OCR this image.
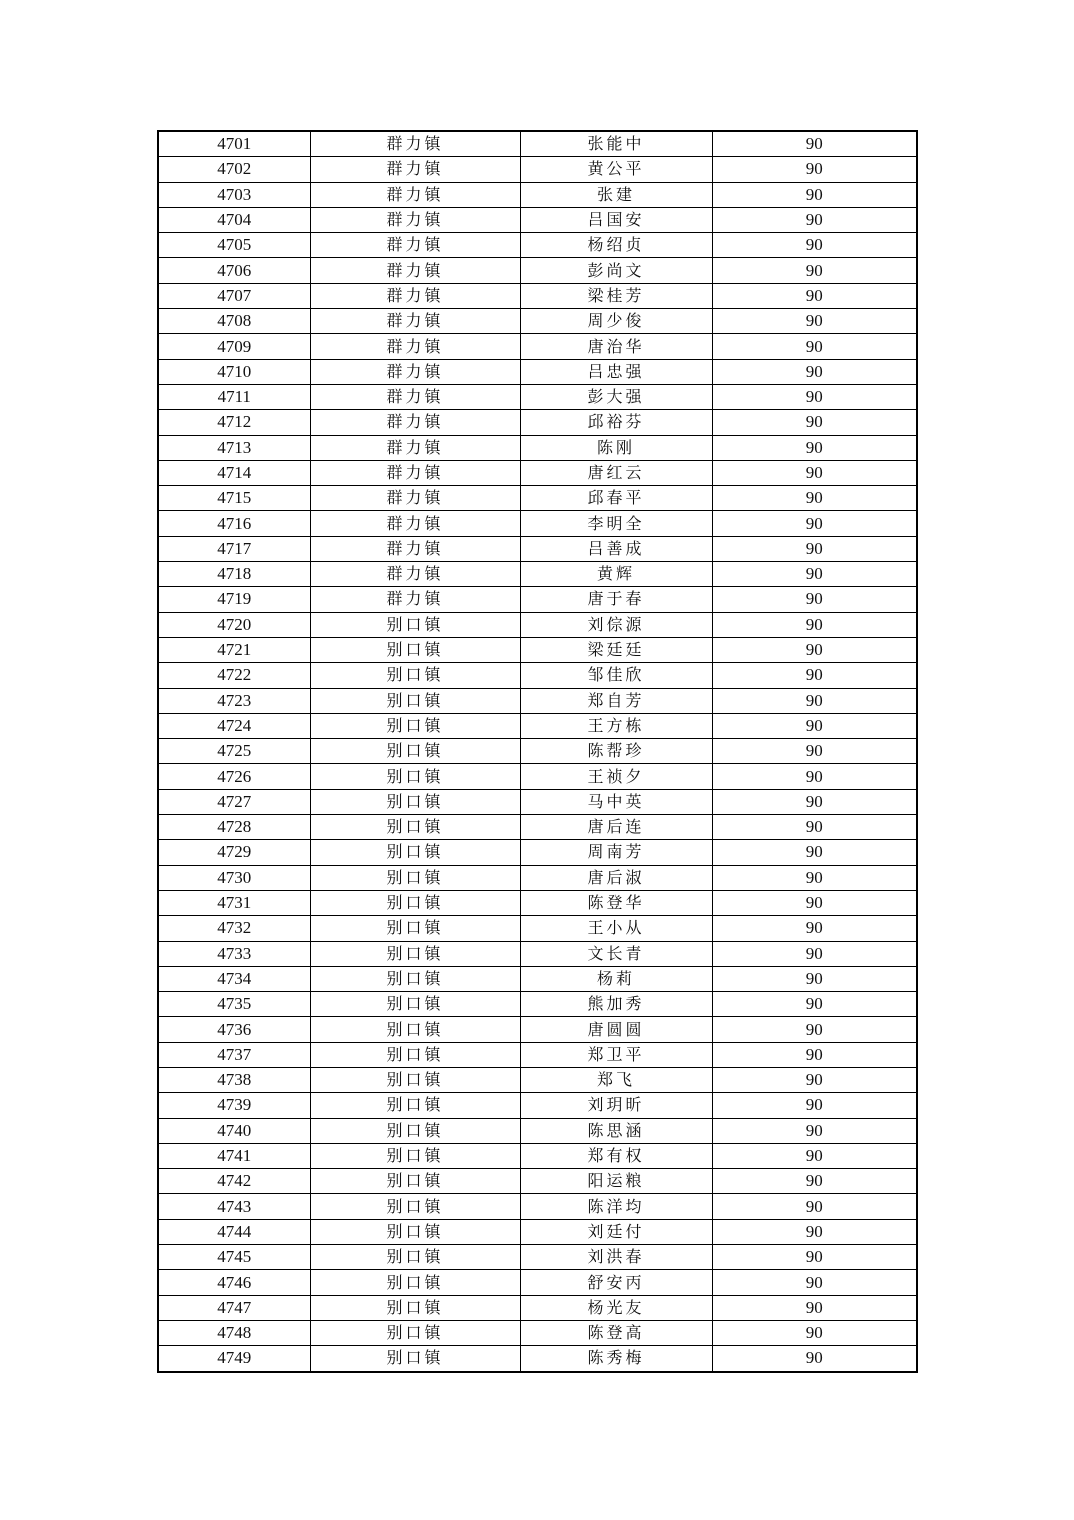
4701	群力镇	张能中	90
4702	群力镇	黄公平	90
4703	群力镇	张建	90
4704	群力镇	吕国安	90
4705	群力镇	杨绍贞	90
4706	群力镇	彭尚文	90
4707	群力镇	梁桂芳	90
4708	群力镇	周少俊	90
4709	群力镇	唐治华	90
4710	群力镇	吕忠强	90
4711	群力镇	彭大强	90
4712	群力镇	邱裕芬	90
4713	群力镇	陈刚	90
4714	群力镇	唐红云	90
4715	群力镇	邱春平	90
4716	群力镇	李明全	90
4717	群力镇	吕善成	90
4718	群力镇	黄辉	90
4719	群力镇	唐于春	90
4720	别口镇	刘倧源	90
4721	别口镇	梁廷廷	90
4722	别口镇	邹佳欣	90
4723	别口镇	郑自芳	90
4724	别口镇	王方栋	90
4725	别口镇	陈帮珍	90
4726	别口镇	王祯夕	90
4727	别口镇	马中英	90
4728	别口镇	唐后连	90
4729	别口镇	周南芳	90
4730	别口镇	唐后淑	90
4731	别口镇	陈登华	90
4732	别口镇	王小从	90
4733	别口镇	文长青	90
4734	别口镇	杨莉	90
4735	别口镇	熊加秀	90
4736	别口镇	唐圆圆	90
4737	别口镇	郑卫平	90
4738	别口镇	郑飞	90
4739	别口镇	刘玥昕	90
4740	别口镇	陈思涵	90
4741	别口镇	郑有权	90
4742	别口镇	阳运粮	90
4743	别口镇	陈洋均	90
4744	别口镇	刘廷付	90
4745	别口镇	刘洪春	90
4746	别口镇	舒安丙	90
4747	别口镇	杨光友	90
4748	别口镇	陈登高	90
4749	别口镇	陈秀梅	90
